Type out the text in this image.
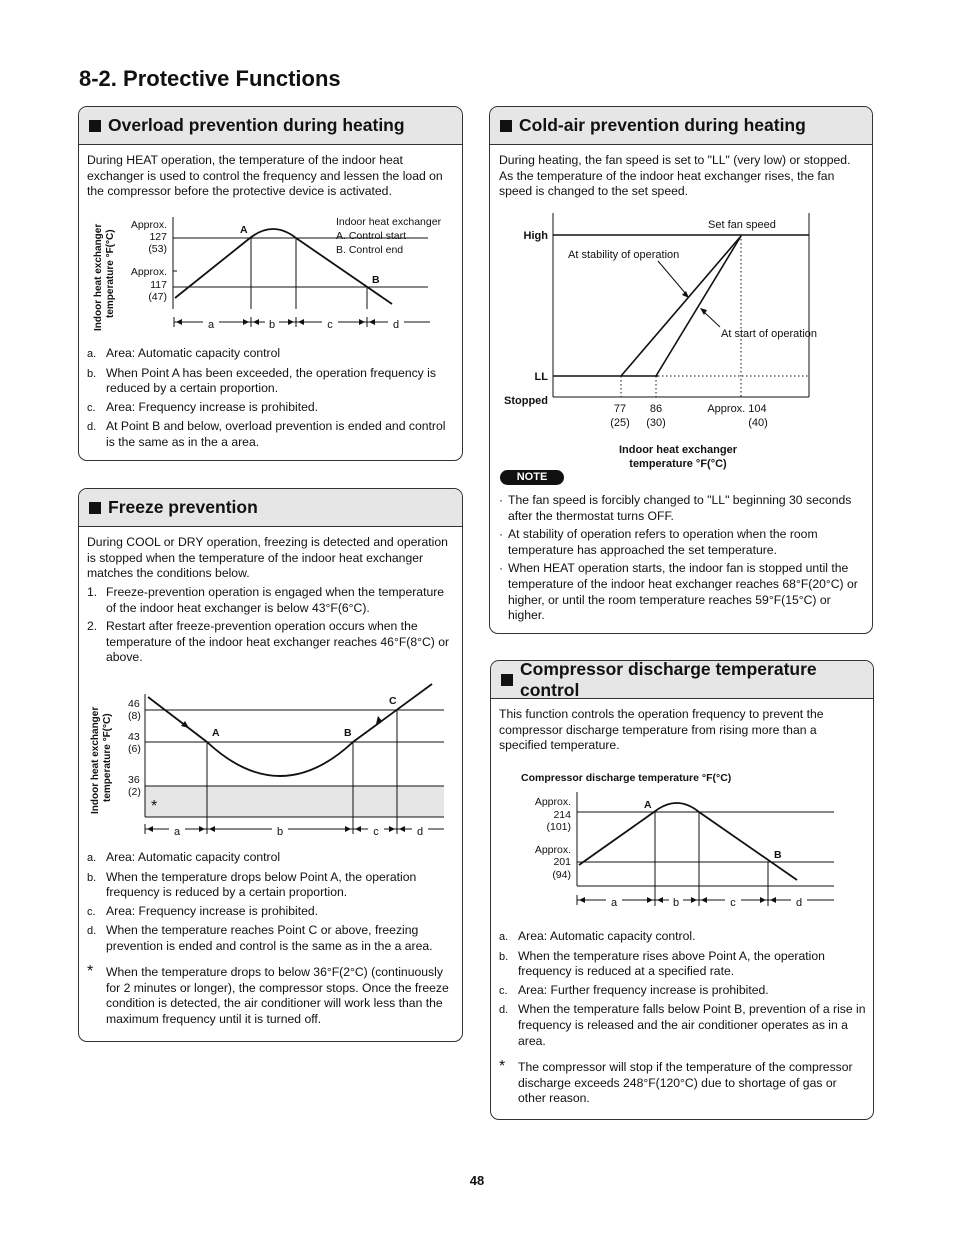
8-2. Protective Functions
Overload prevention during heating
During HEAT operation, the temperature of the indoor heat exchanger is used to control the frequency and lessen the load on the compressor before the protective device is activated.
Indoor heat exchanger temperature °F(°C)
Approx.
127
(53)
Approx.
117
(47)
A
B
Indoor heat exchanger
A. Control start
B. Control end
a	b	c	d
a. Area: Automatic capacity control
b. When Point A has been exceeded, the operation frequency is reduced by a certain proportion.
c. Area: Frequency increase is prohibited.
d. At Point B and below, overload prevention is ended and control is the same as in the a area.
Freeze prevention
During COOL or DRY operation, freezing is detected and operation is stopped when the temperature of the indoor heat exchanger matches the conditions below.
1. Freeze-prevention operation is engaged when the temperature of the indoor heat exchanger is below 43°F(6°C).
2. Restart after freeze-prevention operation occurs when the temperature of the indoor heat exchanger reaches 46°F(8°C) or above.
Indoor heat exchanger temperature °F(°C)
46
(8)
43
(6)
36
(2)
A	B
C
*
a	b	c	d
a. Area: Automatic capacity control
b. When the temperature drops below Point A, the operation frequency is reduced by a certain proportion.
c. Area: Frequency increase is prohibited.
d. When the temperature reaches Point C or above, freezing prevention is ended and control is the same as in the a area.
*	When the temperature drops to below 36°F(2°C) (continuously for 2 minutes or longer), the compressor stops. Once the freeze condition is detected, the air conditioner will work less than the maximum frequency until it is turned off.
Cold-air prevention during heating
During heating, the fan speed is set to "LL" (very low) or stopped. As the temperature of the indoor heat exchanger rises, the fan speed is changed to the set speed.
High
LL
Stopped
Set fan speed
At stability of operation
At start of operation
77
(25)
86
(30)
Approx. 104
(40)
Indoor heat exchanger
temperature °F(°C)
NOTE
· The fan speed is forcibly changed to "LL" beginning 30 seconds after the thermostat turns OFF.
· At stability of operation refers to operation when the room temperature has approached the set temperature.
· When HEAT operation starts, the indoor fan is stopped until the temperature of the indoor heat exchanger reaches 68°F(20°C) or higher, or until the room temperature reaches 59°F(15°C) or higher.
Compressor discharge temperature control
This function controls the operation frequency to prevent the compressor discharge temperature from rising more than a specified temperature.
Compressor discharge temperature °F(°C)
Approx.
214
(101)
Approx.
201
(94)
A
B
a	b	c	d
a. Area: Automatic capacity control.
b. When the temperature rises above Point A, the operation frequency is reduced at a specified rate.
c. Area: Further frequency increase is prohibited.
d. When the temperature falls below Point B, prevention of a rise in frequency is released and the air conditioner operates as in a area.
*	The compressor will stop if the temperature of the compressor discharge exceeds 248°F(120°C) due to shortage of gas or other reason.
48
